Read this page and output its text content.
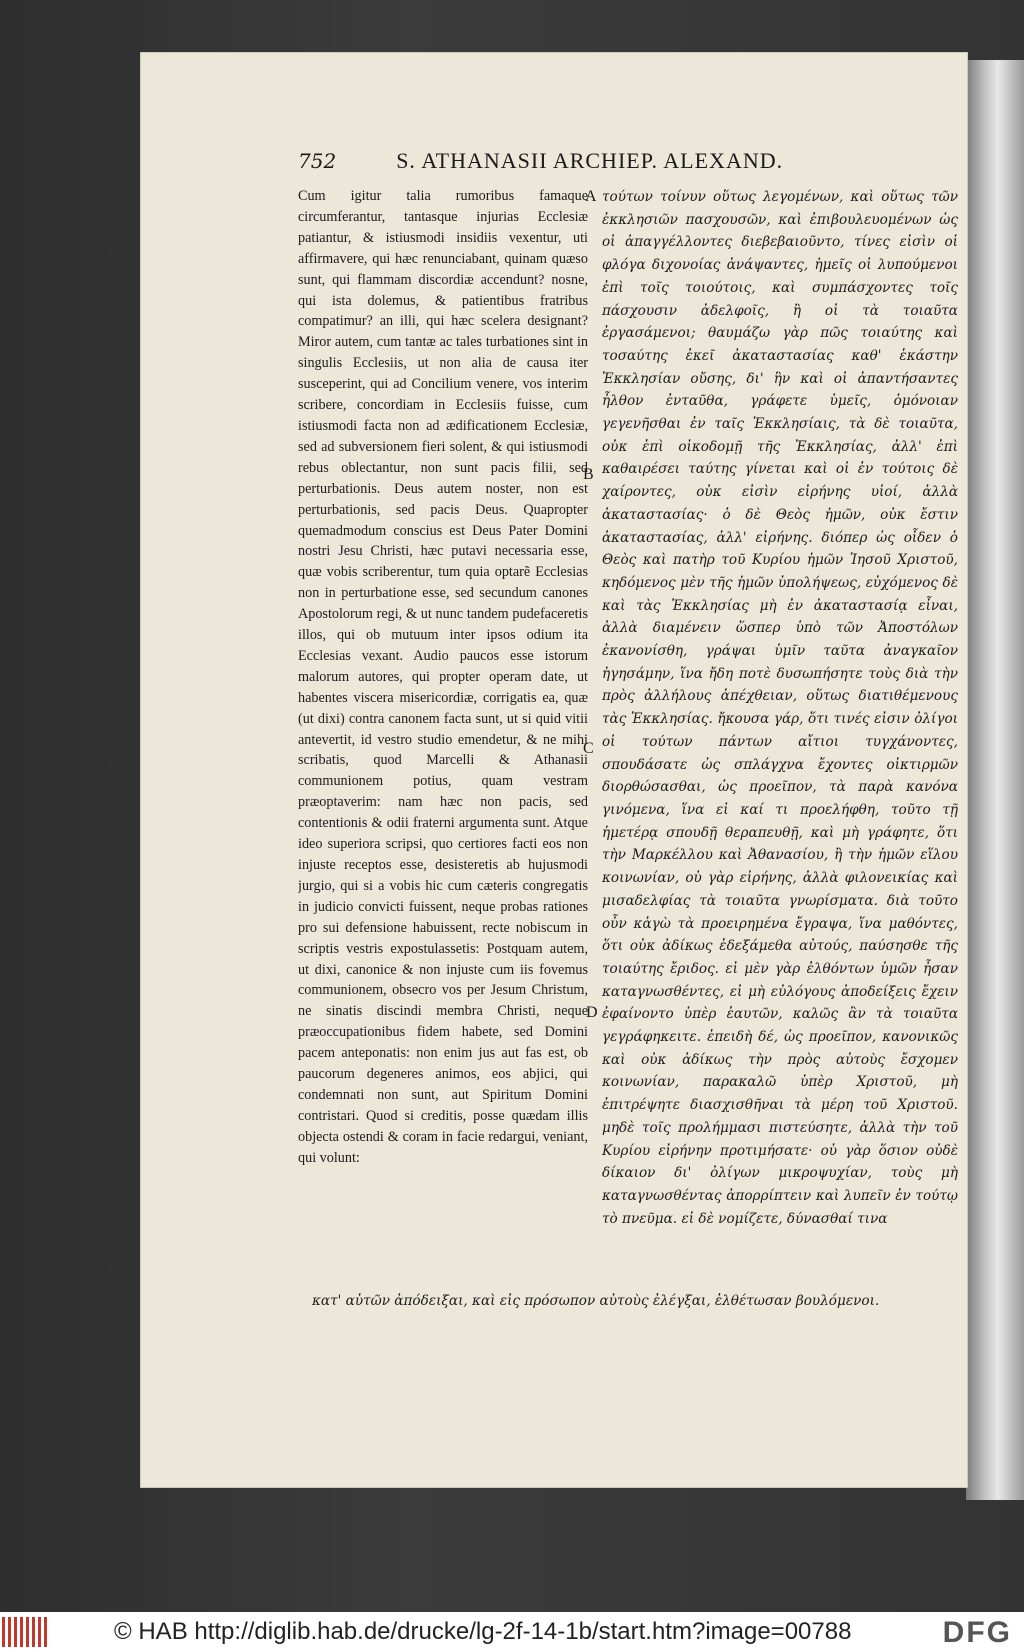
752	S. ATHANASII ARCHIEP. ALEXAND.
Cum igitur talia rumoribus famaque circumferantur, tantasque injurias Ecclesiæ patiantur, & istiusmodi insidiis vexentur, uti affirmavere, qui hæc renunciabant, quinam quæso sunt, qui flammam discordiæ accendunt? nosne, qui ista dolemus, & patientibus fratribus compatimur? an illi, qui hæc scelera designant? Miror autem, cum tantæ ac tales turbationes sint in singulis Ecclesiis, ut non alia de causa iter susceperint, qui ad Concilium venere, vos interim scribere, concordiam in Ecclesiis fuisse, cum istiusmodi facta non ad ædificationem Ecclesiæ, sed ad subversionem fieri solent, & qui istiusmodi rebus oblectantur, non sunt pacis filii, sed perturbationis. Deus autem noster, non est perturbationis, sed pacis Deus. Quapropter quemadmodum conscius est Deus Pater Domini nostri Jesu Christi, hæc putavi necessaria esse, quæ vobis scriberentur, tum quia optarẽ Ecclesias non in perturbatione esse, sed secundum canones Apostolorum regi, & ut nunc tandem pudefaceretis illos, qui ob mutuum inter ipsos odium ita Ecclesias vexant. Audio paucos esse istorum malorum autores, qui propter operam date, ut habentes viscera misericordiæ, corrigatis ea, quæ (ut dixi) contra canonem facta sunt, ut si quid vitii antevertit, id vestro studio emendetur, & ne mihi scribatis, quod Marcelli & Athanasii communionem potius, quam vestram præoptaverim: nam hæc non pacis, sed contentionis & odii fraterni argumenta sunt. Atque ideo superiora scripsi, quo certiores facti eos non injuste receptos esse, desisteretis ab hujusmodi jurgio, qui si a vobis hic cum cæteris congregatis in judicio convicti fuissent, neque probas rationes pro sui defensione habuissent, recte nobiscum in scriptis vestris expostulassetis: Postquam autem, ut dixi, canonice & non injuste cum iis fovemus communionem, obsecro vos per Jesum Christum, ne sinatis discindi membra Christi, neque præoccupationibus fidem habete, sed Domini pacem anteponatis: non enim jus aut fas est, ob paucorum degeneres animos, eos abjici, qui condemnati non sunt, aut Spiritum Domini contristari. Quod si creditis, posse quædam illis objecta ostendi & coram in facie redargui, veniant, qui volunt:
τούτων τοίνυν οὕτως λεγομένων, καὶ οὕτως τῶν ἐκκλησιῶν πασχουσῶν, καὶ ἐπιβουλευομένων ὡς οἱ ἀπαγγέλλοντες διεβεβαιοῦντο, τίνες εἰσὶν οἱ φλόγα διχονοίας ἀνάψαντες, ἡμεῖς οἱ λυπούμενοι ἐπὶ τοῖς τοιούτοις, καὶ συμπάσχοντες τοῖς πάσχουσιν ἀδελφοῖς, ἢ οἱ τὰ τοιαῦτα ἐργασάμενοι; θαυμάζω γὰρ πῶς τοιαύτης καὶ τοσαύτης ἐκεῖ ἀκαταστασίας καθ' ἑκάστην Ἐκκλησίαν οὔσης, δι' ἣν καὶ οἱ ἀπαντήσαντες ἦλθον ἐνταῦθα, γράφετε ὑμεῖς, ὁμόνοιαν γεγενῆσθαι ἐν ταῖς Ἐκκλησίαις, τὰ δὲ τοιαῦτα, οὐκ ἐπὶ οἰκοδομῇ τῆς Ἐκκλησίας, ἀλλ' ἐπὶ καθαιρέσει ταύτης γίνεται καὶ οἱ ἐν τούτοις δὲ χαίροντες, οὐκ εἰσὶν εἰρήνης υἱοί, ἀλλὰ ἀκαταστασίας· ὁ δὲ Θεὸς ἡμῶν, οὐκ ἔστιν ἀκαταστασίας, ἀλλ' εἰρήνης. διόπερ ὡς οἶδεν ὁ Θεὸς καὶ πατὴρ τοῦ Κυρίου ἡμῶν Ἰησοῦ Χριστοῦ, κηδόμενος μὲν τῆς ἡμῶν ὑπολήψεως, εὐχόμενος δὲ καὶ τὰς Ἐκκλησίας μὴ ἐν ἀκαταστασίᾳ εἶναι, ἀλλὰ διαμένειν ὥσπερ ὑπὸ τῶν Ἀποστόλων ἐκανονίσθη, γράψαι ὑμῖν ταῦτα ἀναγκαῖον ἡγησάμην, ἵνα ἤδη ποτὲ δυσωπήσητε τοὺς διὰ τὴν πρὸς ἀλλήλους ἀπέχθειαν, οὕτως διατιθέμενους τὰς Ἐκκλησίας. ἤκουσα γάρ, ὅτι τινές εἰσιν ὀλίγοι οἱ τούτων πάντων αἴτιοι τυγχάνοντες, σπουδάσατε ὡς σπλάγχνα ἔχοντες οἰκτιρμῶν διορθώσασθαι, ὡς προεῖπον, τὰ παρὰ κανόνα γινόμενα, ἵνα εἰ καί τι προελήφθη, τοῦτο τῇ ἡμετέρᾳ σπουδῇ θεραπευθῇ, καὶ μὴ γράφητε, ὅτι τὴν Μαρκέλλου καὶ Ἀθανασίου, ἢ τὴν ἡμῶν εἵλου κοινωνίαν, οὐ γὰρ εἰρήνης, ἀλλὰ φιλονεικίας καὶ μισαδελφίας τὰ τοιαῦτα γνωρίσματα. διὰ τοῦτο οὖν κἀγὼ τὰ προειρημένα ἔγραψα, ἵνα μαθόντες, ὅτι οὐκ ἀδίκως ἐδεξάμεθα αὐτούς, παύσησθε τῆς τοιαύτης ἔριδος. εἰ μὲν γὰρ ἐλθόντων ὑμῶν ἦσαν καταγνωσθέντες, εἰ μὴ εὐλόγους ἀποδείξεις ἔχειν ἐφαίνοντο ὑπὲρ ἑαυτῶν, καλῶς ἂν τὰ τοιαῦτα γεγράφηκειτε. ἐπειδὴ δέ, ὡς προεῖπον, κανονικῶς καὶ οὐκ ἀδίκως τὴν πρὸς αὐτοὺς ἔσχομεν κοινωνίαν, παρακαλῶ ὑπὲρ Χριστοῦ, μὴ ἐπιτρέψητε διασχισθῆναι τὰ μέρη τοῦ Χριστοῦ. μηδὲ τοῖς προλήμμασι πιστεύσητε, ἀλλὰ τὴν τοῦ Κυρίου εἰρήνην προτιμήσατε· οὐ γὰρ ὅσιον οὐδὲ δίκαιον δι' ὀλίγων μικροψυχίαν, τοὺς μὴ καταγνωσθέντας ἀπορρίπτειν καὶ λυπεῖν ἐν τούτῳ τὸ πνεῦμα. εἰ δὲ νομίζετε, δύνασθαί τινα
A
B
C
D
κατ' αὐτῶν ἀπόδειξαι, καὶ εἰς πρόσωπον αὐτοὺς ἐλέγξαι, ἐλθέτωσαν βουλόμενοι.
© HAB http://diglib.hab.de/drucke/lg-2f-14-1b/start.htm?image=00788	DFG
